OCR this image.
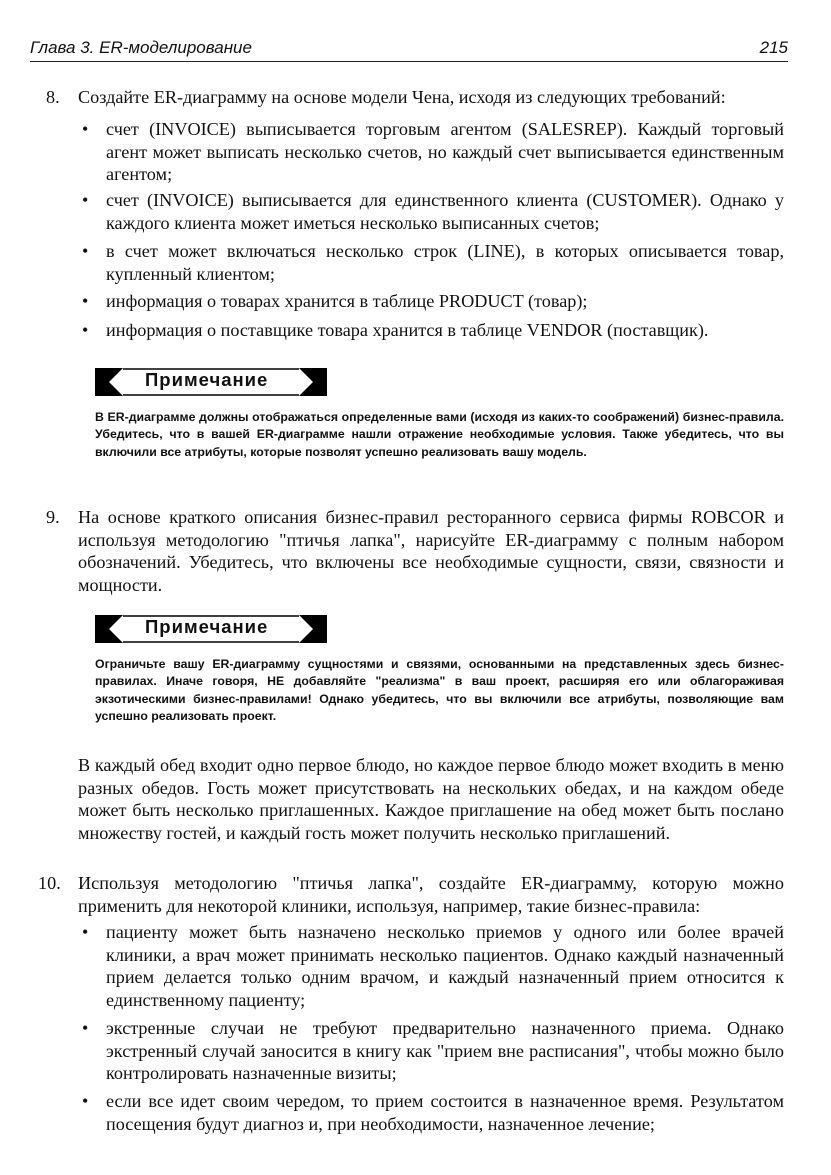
Глава 3. ER-моделирование	215
8. Создайте ER-диаграмму на основе модели Чена, исходя из следующих требований:
• счет (INVOICE) выписывается торговым агентом (SALESREP). Каждый торговый агент может выписать несколько счетов, но каждый счет выписывается единственным агентом;
• счет (INVOICE) выписывается для единственного клиента (CUSTOMER). Однако у каждого клиента может иметься несколько выписанных счетов;
• в счет может включаться несколько строк (LINE), в которых описывается товар, купленный клиентом;
• информация о товарах хранится в таблице PRODUCT (товар);
• информация о поставщике товара хранится в таблице VENDOR (поставщик).
Примечание
В ER-диаграмме должны отображаться определенные вами (исходя из каких-то соображений) бизнес-правила. Убедитесь, что в вашей ER-диаграмме нашли отражение необходимые условия. Также убедитесь, что вы включили все атрибуты, которые позволят успешно реализовать вашу модель.
9. На основе краткого описания бизнес-правил ресторанного сервиса фирмы ROBCOR и используя методологию "птичья лапка", нарисуйте ER-диаграмму с полным набором обозначений. Убедитесь, что включены все необходимые сущности, связи, связности и мощности.
Примечание
Ограничьте вашу ER-диаграмму сущностями и связями, основанными на представленных здесь бизнес-правилах. Иначе говоря, НЕ добавляйте "реализма" в ваш проект, расширяя его или облагораживая экзотическими бизнес-правилами! Однако убедитесь, что вы включили все атрибуты, позволяющие вам успешно реализовать проект.
В каждый обед входит одно первое блюдо, но каждое первое блюдо может входить в меню разных обедов. Гость может присутствовать на нескольких обедах, и на каждом обеде может быть несколько приглашенных. Каждое приглашение на обед может быть послано множеству гостей, и каждый гость может получить несколько приглашений.
10. Используя методологию "птичья лапка", создайте ER-диаграмму, которую можно применить для некоторой клиники, используя, например, такие бизнес-правила:
• пациенту может быть назначено несколько приемов у одного или более врачей клиники, а врач может принимать несколько пациентов. Однако каждый назначенный прием делается только одним врачом, и каждый назначенный прием относится к единственному пациенту;
• экстренные случаи не требуют предварительно назначенного приема. Однако экстренный случай заносится в книгу как "прием вне расписания", чтобы можно было контролировать назначенные визиты;
• если все идет своим чередом, то прием состоится в назначенное время. Результатом посещения будут диагноз и, при необходимости, назначенное лечение;
